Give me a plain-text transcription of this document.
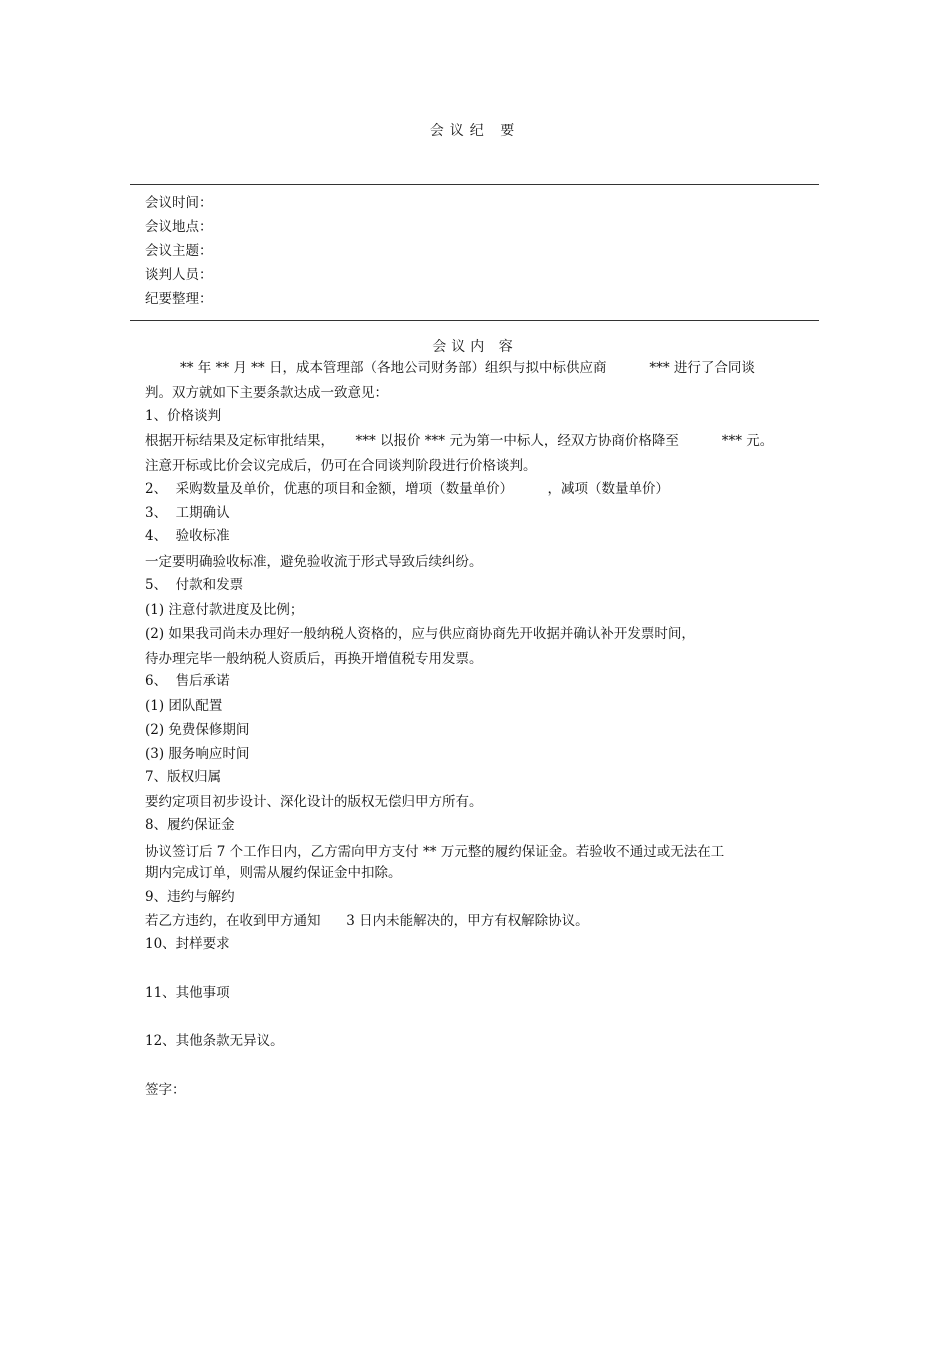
会议纪 要
会议时间：
会议地点：
会议主题：
谈判人员：
纪要整理：
会议内 容
** 年 ** 月 ** 日，成本管理部（各地公司财务部）组织与拟中标供应商          *** 进行了合同谈
判。双方就如下主要条款达成一致意见：
1、价格谈判
根据开标结果及定标审批结果，     *** 以报价 *** 元为第一中标人，经双方协商价格降至          *** 元。
注意开标或比价会议完成后，仍可在合同谈判阶段进行价格谈判。
2、  采购数量及单价，优惠的项目和金额，增项（数量单价）        ，减项（数量单价）
3、  工期确认
4、  验收标准
一定要明确验收标准，避免验收流于形式导致后续纠纷。
5、  付款和发票
(1) 注意付款进度及比例；
(2) 如果我司尚未办理好一般纳税人资格的，应与供应商协商先开收据并确认补开发票时间，
待办理完毕一般纳税人资质后，再换开增值税专用发票。
6、  售后承诺
(1) 团队配置
(2) 免费保修期间
(3) 服务响应时间
7、版权归属
要约定项目初步设计、深化设计的版权无偿归甲方所有。
8、履约保证金
协议签订后 7 个工作日内，乙方需向甲方支付 ** 万元整的履约保证金。若验收不通过或无法在工
期内完成订单，则需从履约保证金中扣除。
9、违约与解约
若乙方违约，在收到甲方通知      3 日内未能解决的，甲方有权解除协议。
10、封样要求
11、其他事项
12、其他条款无异议。
签字：
